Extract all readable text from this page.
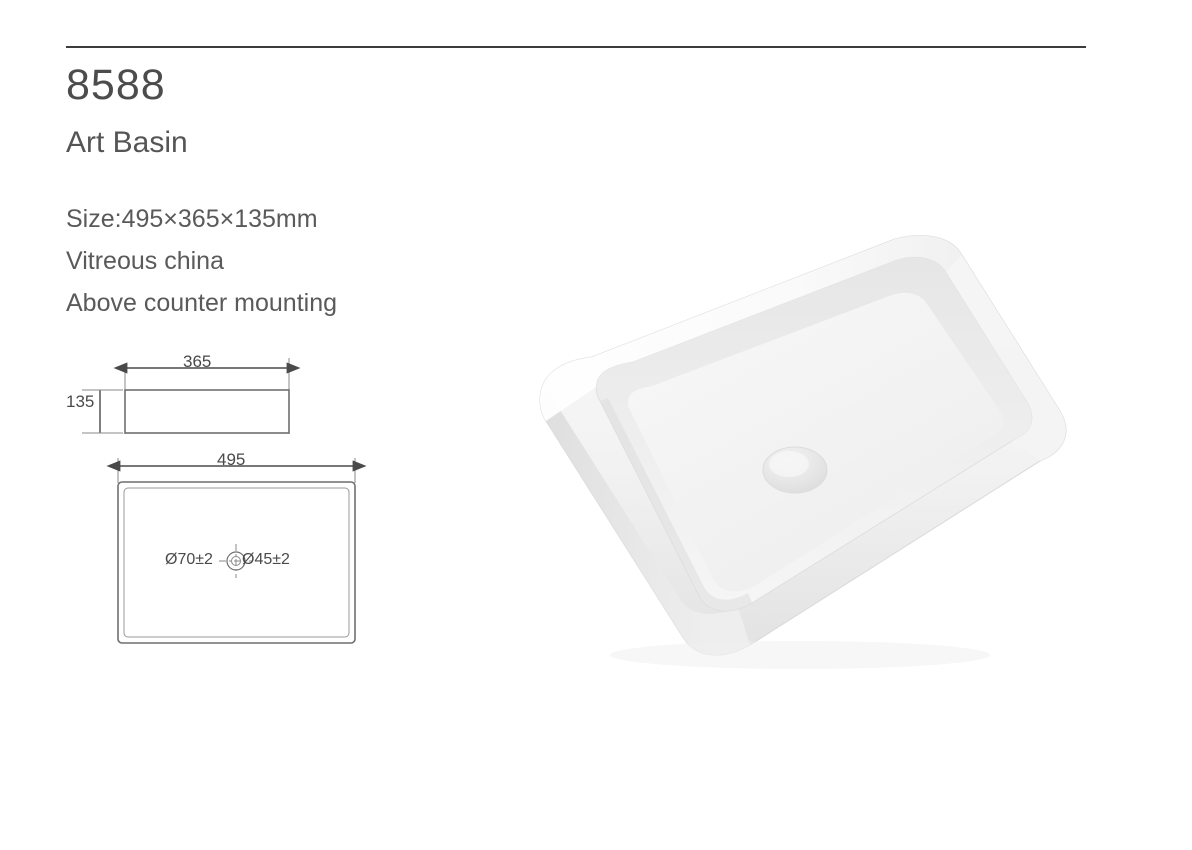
8588
Art Basin
Size:495×365×135mm
Vitreous china
Above counter mounting
365
135
495
Ø70±2 Ø45±2
